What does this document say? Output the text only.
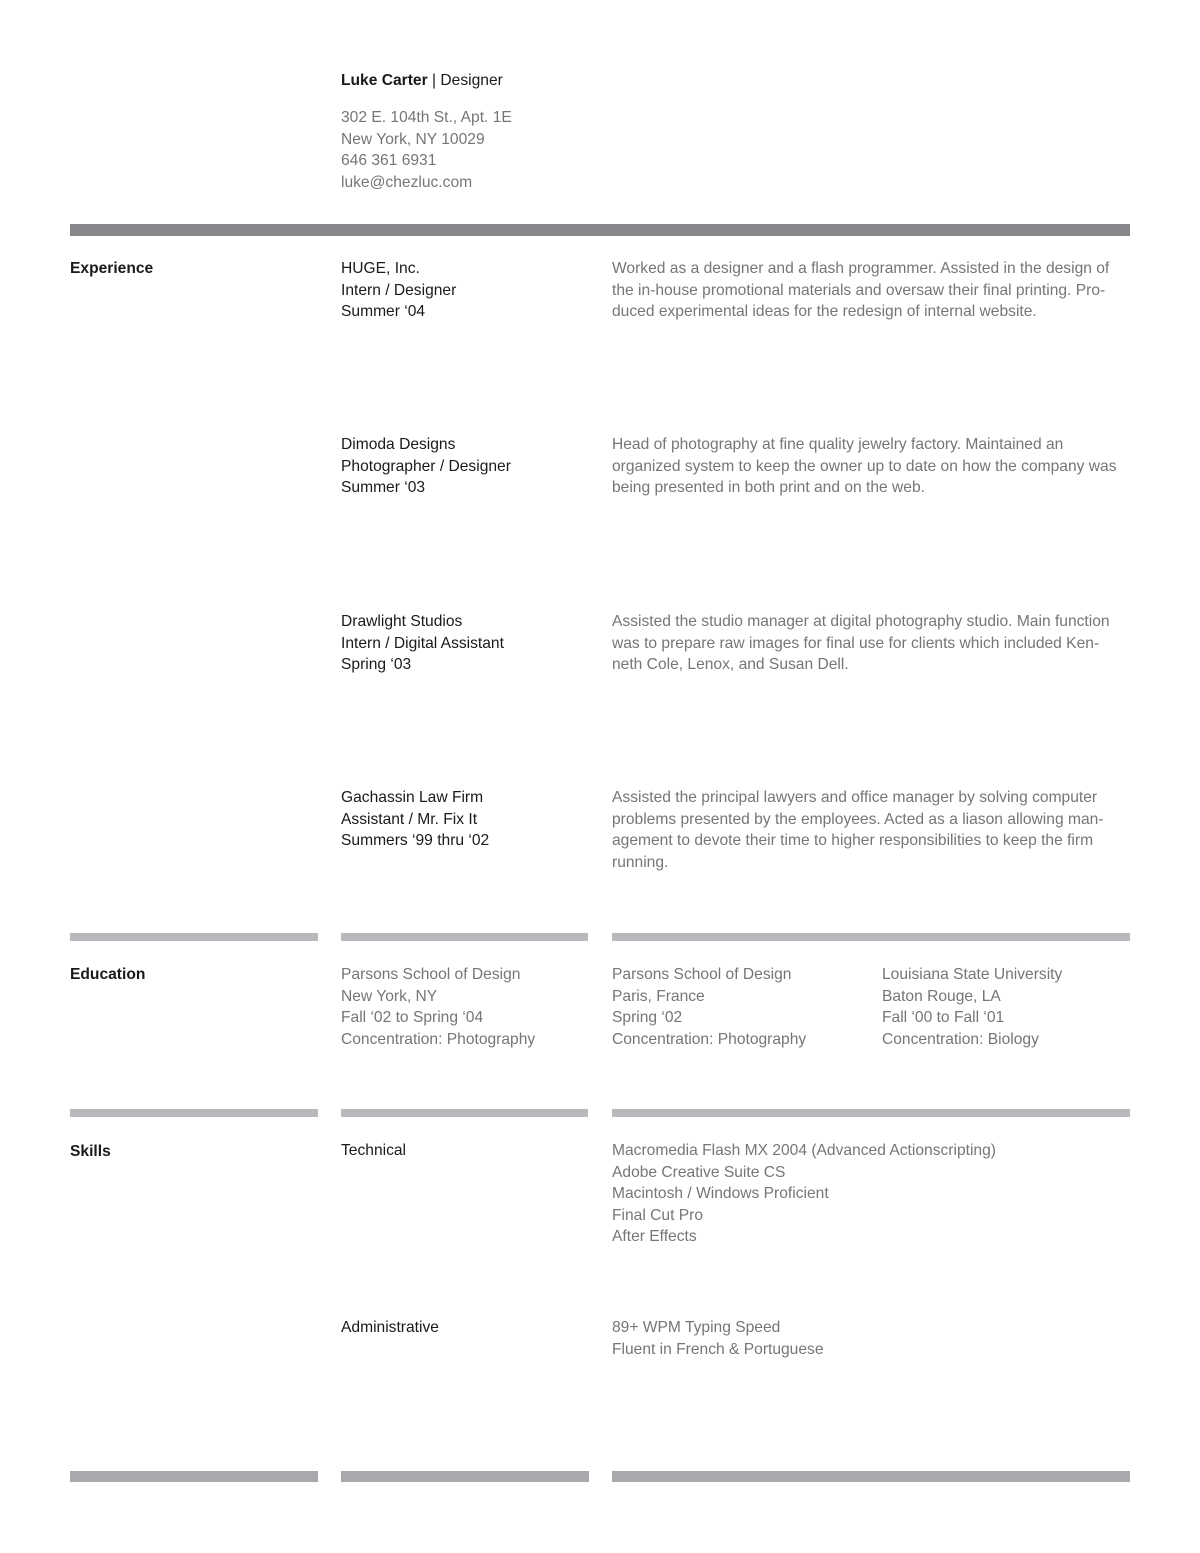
Luke Carter | Designer
302 E. 104th St., Apt. 1E
New York, NY 10029
646 361 6931
luke@chezluc.com
Experience	HUGE, Inc.
Intern / Designer
Summer ‘04
Worked as a designer and a flash programmer. Assisted in the design of
the in-house promotional materials and oversaw their final printing. Pro-
duced experimental ideas for the redesign of internal website.
Dimoda Designs
Photographer / Designer
Summer ‘03
Head of photography at fine quality jewelry factory. Maintained an
organized system to keep the owner up to date on how the company was
being presented in both print and on the web.
Drawlight Studios
Intern / Digital Assistant
Spring ‘03
Assisted the studio manager at digital photography studio. Main function
was to prepare raw images for final use for clients which included Ken-
neth Cole, Lenox, and Susan Dell.
Gachassin Law Firm
Assistant / Mr. Fix It
Summers ‘99 thru ‘02
Assisted the principal lawyers and office manager by solving computer
problems presented by the employees. Acted as a liason allowing man-
agement to devote their time to higher responsibilities to keep the firm
running.
Education	Parsons School of Design
New York, NY
Fall ‘02 to Spring ‘04
Concentration: Photography
Parsons School of Design
Paris, France
Spring ‘02
Concentration: Photography
Louisiana State University
Baton Rouge, LA
Fall ‘00 to Fall ‘01
Concentration: Biology
Skills	Technical	Macromedia Flash MX 2004 (Advanced Actionscripting)
Adobe Creative Suite CS
Macintosh / Windows Proficient
Final Cut Pro
After Effects
Administrative	89+ WPM Typing Speed
Fluent in French & Portuguese
